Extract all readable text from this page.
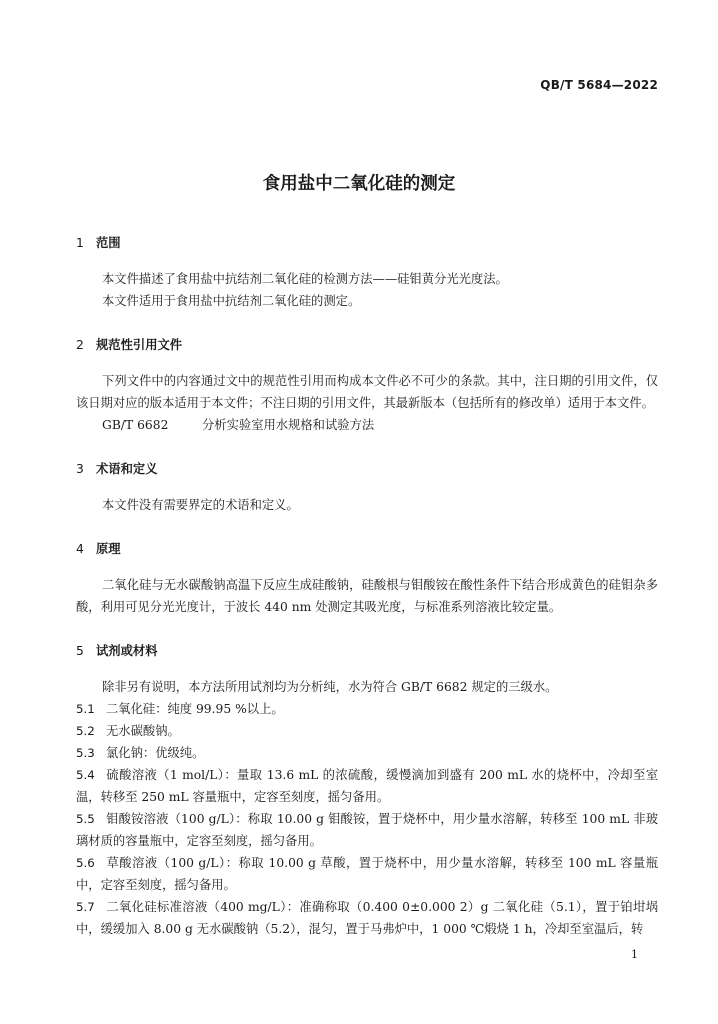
QB/T 5684—2022
食用盐中二氧化硅的测定
1 范围

本文件描述了食用盐中抗结剂二氧化硅的检测方法——硅钼黄分光光度法。

本文件适用于食用盐中抗结剂二氧化硅的测定。

2 规范性引用文件

下列文件中的内容通过文中的规范性引用而构成本文件必不可少的条款。其中，注日期的引用文件，仅该日期对应的版本适用于本文件；不注日期的引用文件，其最新版本（包括所有的修改单）适用于本文件。

GB/T 6682	分析实验室用水规格和试验方法

3 术语和定义

本文件没有需要界定的术语和定义。

4 原理

二氧化硅与无水碳酸钠高温下反应生成硅酸钠，硅酸根与钼酸铵在酸性条件下结合形成黄色的硅钼杂多酸，利用可见分光光度计，于波长 440 nm 处测定其吸光度，与标准系列溶液比较定量。

5 试剂或材料

除非另有说明，本方法所用试剂均为分析纯，水为符合 GB/T 6682 规定的三级水。

5.1 二氧化硅：纯度 99.95 %以上。

5.2 无水碳酸钠。

5.3 氯化钠：优级纯。

5.4 硫酸溶液（1 mol/L）：量取 13.6 mL 的浓硫酸，缓慢滴加到盛有 200 mL 水的烧杯中，冷却至室温，转移至 250 mL 容量瓶中，定容至刻度，摇匀备用。

5.5 钼酸铵溶液（100 g/L）：称取 10.00 g 钼酸铵，置于烧杯中，用少量水溶解，转移至 100 mL 非玻璃材质的容量瓶中，定容至刻度，摇匀备用。

5.6 草酸溶液（100 g/L）：称取 10.00 g 草酸，置于烧杯中，用少量水溶解，转移至 100 mL 容量瓶中，定容至刻度，摇匀备用。

5.7 二氧化硅标准溶液（400 mg/L）：准确称取（0.400 0±0.000 2）g 二氧化硅（5.1），置于铂坩埚中，缓缓加入 8.00 g 无水碳酸钠（5.2），混匀，置于马弗炉中，1 000 ℃煅烧 1 h，冷却至室温后，转

1
